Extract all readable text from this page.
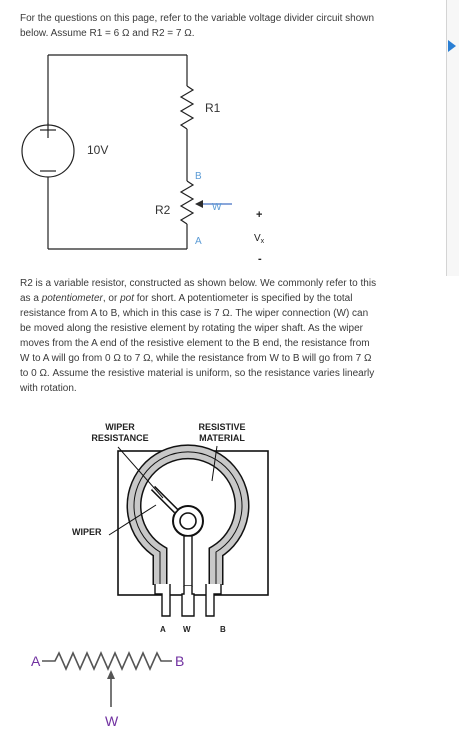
For the questions on this page, refer to the variable voltage divider circuit shown
below. Assume R1 = 6 Ω and R2 = 7 Ω.
10V
R1
R2
B
W
A
+
$V_x$
-
R2 is a variable resistor, constructed as shown below. We commonly refer to this
as a potentiometer, or pot for short. A potentiometer is specified by the total
resistance from A to B, which in this case is 7 Ω. The wiper connection (W) can
be moved along the resistive element by rotating the wiper shaft. As the wiper
moves from the A end of the resistive element to the B end, the resistance from
W to A will go from 0 Ω to 7 Ω, while the resistance from W to B will go from 7 Ω
to 0 Ω. Assume the resistive material is uniform, so the resistance varies linearly
with rotation.
WIPER
RESISTANCE
RESISTIVE
MATERIAL
WIPER
A W	B
A	B
W
